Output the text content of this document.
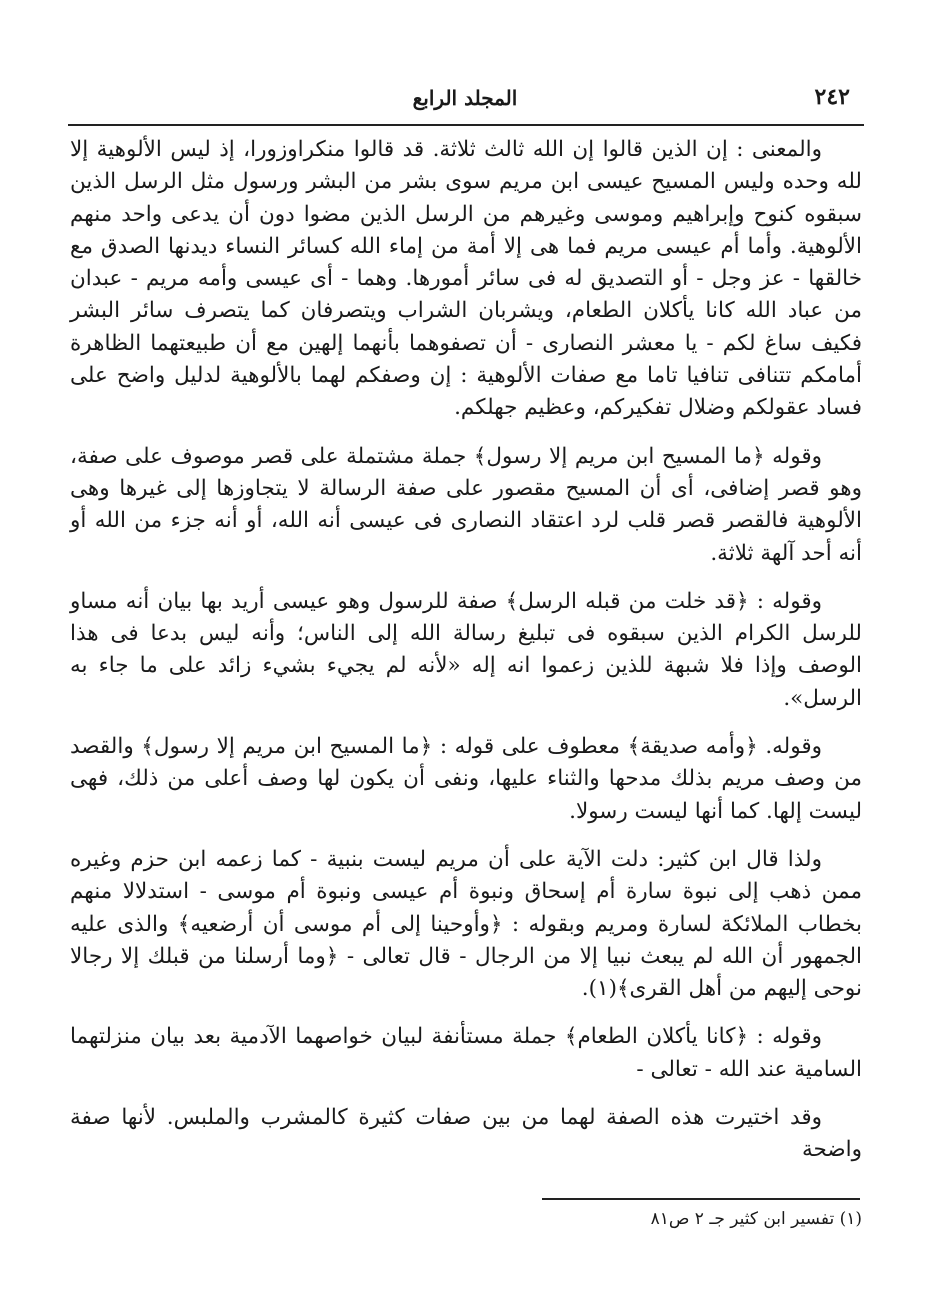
٢٤٢
المجلد الرابع

والمعنى : إن الذين قالوا إن الله ثالث ثلاثة. قد قالوا منكراوزورا، إذ ليس الألوهية إلا لله وحده وليس المسيح عيسى ابن مريم سوى بشر من البشر ورسول مثل الرسل الذين سبقوه كنوح وإبراهيم وموسى وغيرهم من الرسل الذين مضوا دون أن يدعى واحد منهم الألوهية. وأما أم عيسى مريم فما هى إلا أمة من إماء الله كسائر النساء ديدنها الصدق مع خالقها - عز وجل - أو التصديق له فى سائر أمورها. وهما - أى عيسى وأمه مريم - عبدان من عباد الله كانا يأكلان الطعام، ويشربان الشراب ويتصرفان كما يتصرف سائر البشر فكيف ساغ لكم - يا معشر النصارى - أن تصفوهما بأنهما إلهين مع أن طبيعتهما الظاهرة أمامكم تتنافى تنافيا تاما مع صفات الألوهية : إن وصفكم لهما بالألوهية لدليل واضح على فساد عقولكم وضلال تفكيركم، وعظيم جهلكم.

وقوله ﴿ما المسيح ابن مريم إلا رسول﴾ جملة مشتملة على قصر موصوف على صفة، وهو قصر إضافى، أى أن المسيح مقصور على صفة الرسالة لا يتجاوزها إلى غيرها وهى الألوهية فالقصر قصر قلب لرد اعتقاد النصارى فى عيسى أنه الله، أو أنه جزء من الله أو أنه أحد آلهة ثلاثة.

وقوله : ﴿قد خلت من قبله الرسل﴾ صفة للرسول وهو عيسى أريد بها بيان أنه مساو للرسل الكرام الذين سبقوه فى تبليغ رسالة الله إلى الناس؛ وأنه ليس بدعا فى هذا الوصف وإذا فلا شبهة للذين زعموا انه إله «لأنه لم يجيء بشيء زائد على ما جاء به الرسل».

وقوله. ﴿وأمه صديقة﴾ معطوف على قوله : ﴿ما المسيح ابن مريم إلا رسول﴾ والقصد من وصف مريم بذلك مدحها والثناء عليها، ونفى أن يكون لها وصف أعلى من ذلك، فهى ليست إلها. كما أنها ليست رسولا.

ولذا قال ابن كثير: دلت الآية على أن مريم ليست بنبية - كما زعمه ابن حزم وغيره ممن ذهب إلى نبوة سارة أم إسحاق ونبوة أم عيسى ونبوة أم موسى - استدلالا منهم بخطاب الملائكة لسارة ومريم وبقوله : ﴿وأوحينا إلى أم موسى أن أرضعيه﴾ والذى عليه الجمهور أن الله لم يبعث نبيا إلا من الرجال - قال تعالى - ﴿وما أرسلنا من قبلك إلا رجالا نوحى إليهم من أهل القرى﴾(١).

وقوله : ﴿كانا يأكلان الطعام﴾ جملة مستأنفة لبيان خواصهما الآدمية بعد بيان منزلتهما السامية عند الله - تعالى -

وقد اختيرت هذه الصفة لهما من بين صفات كثيرة كالمشرب والملبس. لأنها صفة واضحة

(١) تفسير ابن كثير جـ ٢ ص٨١
